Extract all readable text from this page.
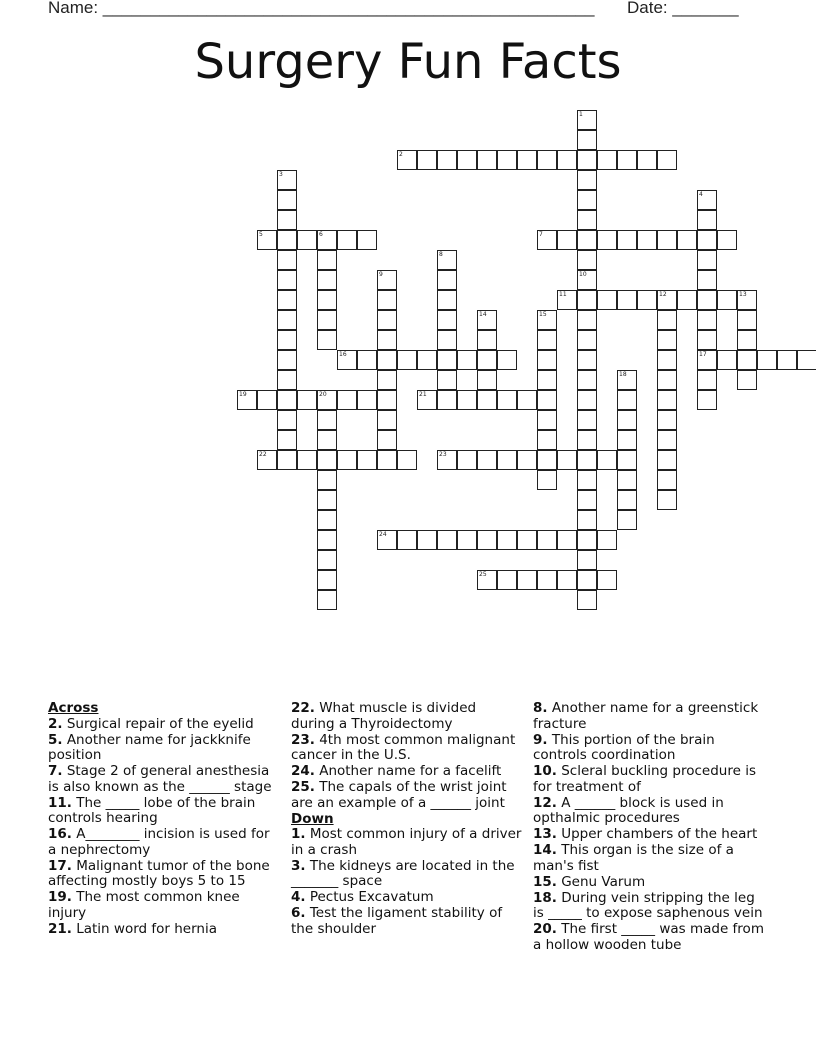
Name: ____________________________________________________ Date: _______
Surgery Fun Facts
1
2
3
4
5	6	7
8
9	10
11	12	13
14	15
16	17
18
19	20	21
22	23
24
25
Across
2. Surgical repair of the eyelid
5. Another name for jackknife position
7. Stage 2 of general anesthesia is also known as the ______ stage
11. The _____ lobe of the brain controls hearing
16. A________ incision is used for a nephrectomy
17. Malignant tumor of the bone affecting mostly boys 5 to 15
19. The most common knee injury
21. Latin word for hernia
22. What muscle is divided during a Thyroidectomy
23. 4th most common malignant cancer in the U.S.
24. Another name for a facelift
25. The capals of the wrist joint are an example of a ______ joint
Down
1. Most common injury of a driver in a crash
3. The kidneys are located in the _______ space
4. Pectus Excavatum
6. Test the ligament stability of the shoulder
8. Another name for a greenstick fracture
9. This portion of the brain controls coordination
10. Scleral buckling procedure is for treatment of
12. A ______ block is used in opthalmic procedures
13. Upper chambers of the heart
14. This organ is the size of a man's fist
15. Genu Varum
18. During vein stripping the leg is _____ to expose saphenous vein
20. The first _____ was made from a hollow wooden tube
